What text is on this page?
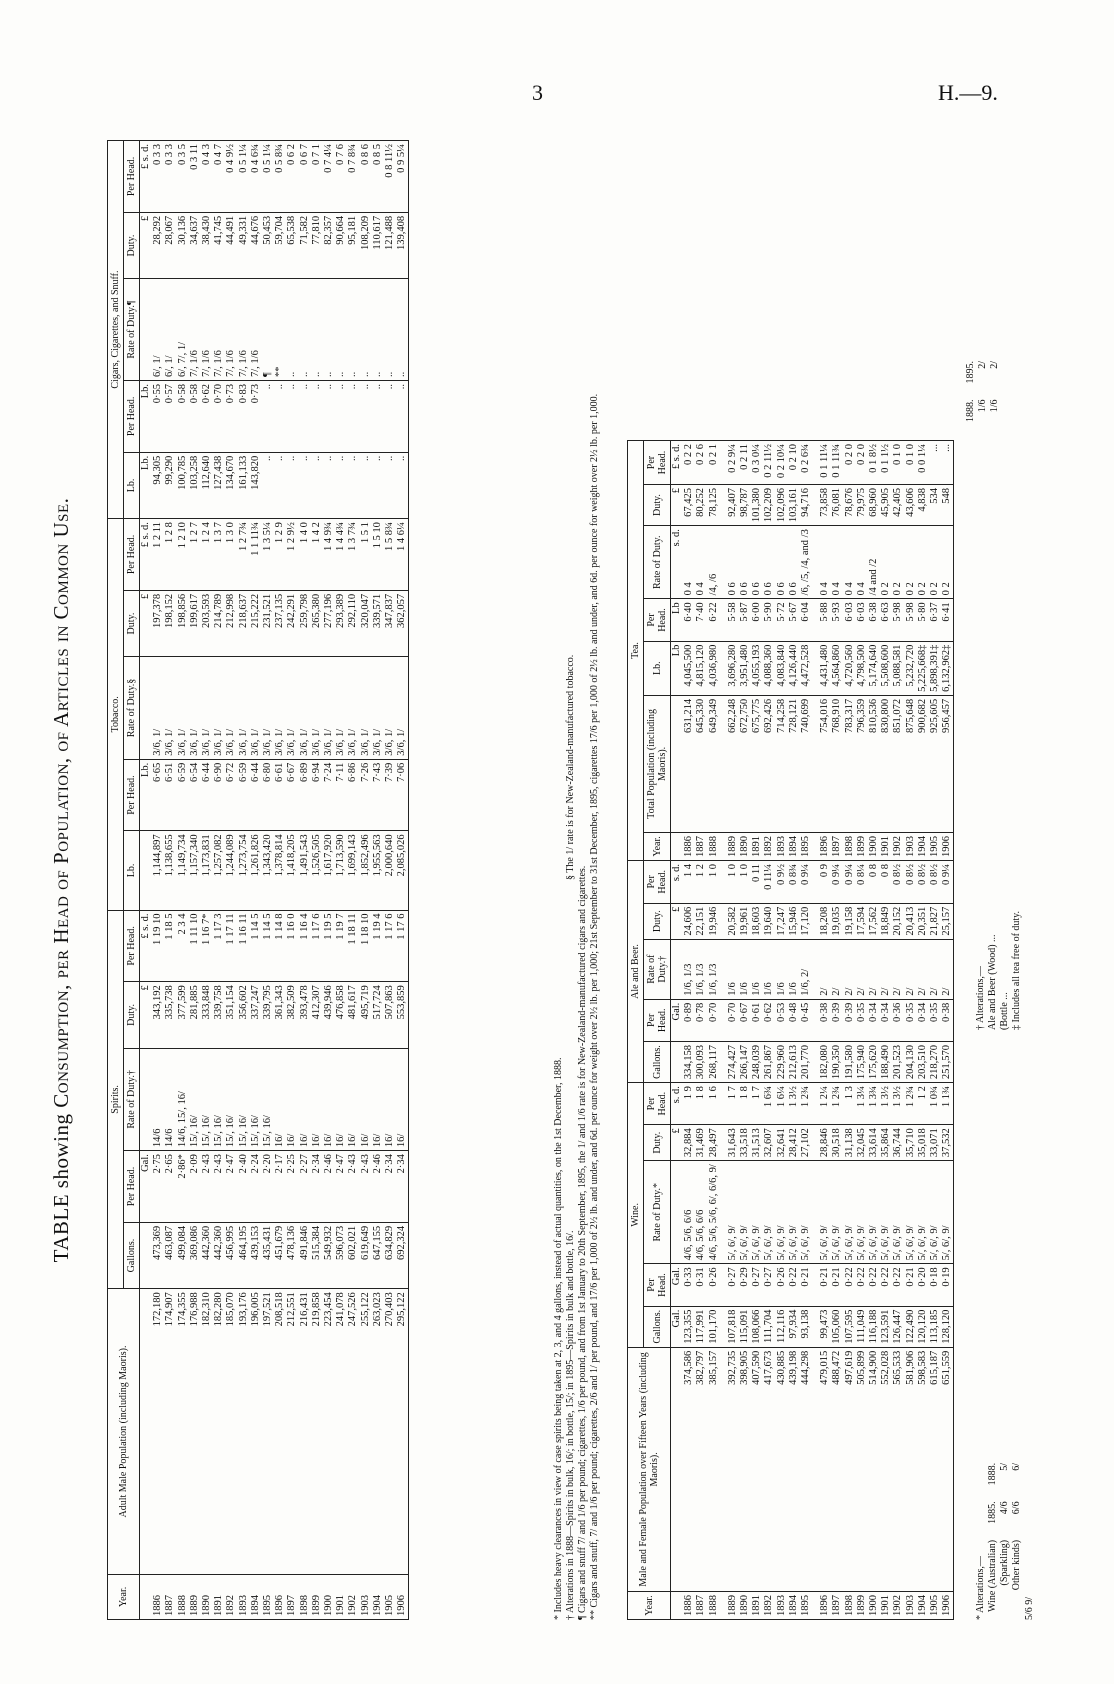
3	H.—9.
TABLE showing Consumption, per Head of Population, of Articles in Common Use.
Year.	Adult Male Population (including Maoris).	Spirits.					Tobacco.					Cigars, Cigarettes, and Snuff.				
		Gallons.	Per Head.	Rate of Duty.†	Duty.	Per Head.	Lb.	Per Head.	Rate of Duty.§	Duty.	Per Head.	Lb.	Per Head.	Rate of Duty.¶	Duty.	Per Head.
			Gal.		£	£ s. d.		Lb.		£	£ s. d.	Lb.	Lb.		£	£ s. d.
1886	172,180	473,369	2·75	14/6	343,192	1 19 10	1,144,897	6·65	3/6, 1/	197,378	1 2 11	94,305	0·55	6/, 1/	28,292	0 3 3
1887	174,907	463,087	2·65	14/6	335,738	1 18 5	1,138,655	6·51	3/6, 1/	198,152	1 2 8	99,290	0·57	6/, 1/	28,067	0 3 3
1888	174,355	499,084	2·86*	14/6, 15/, 16/	377,599	2 3 4	1,149,734	6·59	3/6, 1/	198,856	1 2 10	100,785	0·58	6/, 7/, 1/	30,136	0 3 5
1889	176,988	369,086	2·09	15/, 16/	281,885	1 11 10	1,157,340	6·54	3/6, 1/	199,617	1 2 7	103,258	0·58	7/, 1/6	34,637	0 3 11
1890	182,310	442,360	2·43	15/, 16/	333,848	1 16 7*	1,173,831	6·44	3/6, 1/	203,593	1 2 4	112,640	0·62	7/, 1/6	38,430	0 4 3
1891	182,280	442,360	2·43	15/, 16/	339,758	1 17 3	1,257,082	6·90	3/6, 1/	214,789	1 3 7	127,438	0·70	7/, 1/6	41,745	0 4 7
1892	185,070	456,995	2·47	15/, 16/	351,154	1 17 11	1,244,089	6·72	3/6, 1/	212,998	1 3 0	134,670	0·73	7/, 1/6	44,491	0 4 9½
1893	193,176	464,195	2·40	15/, 16/	356,602	1 16 11	1,273,754	6·59	3/6, 1/	218,637	1 2 7¾	161,133	0·83	7/, 1/6	49,331	0 5 1¼
1894	196,005	439,153	2·24	15/, 16/	337,247	1 14 5	1,261,826	6·44	3/6, 1/	215,222	1 1 11¾	143,820	0·73	7/, 1/6	44,676	0 4 6¾
1895	197,521	435,431	2·20	15/, 16/	339,795	1 14 5	1,343,420	6·80	3/6, 1/	231,521	1 3 5¼	..	..	¶	50,453	0 5 1¼
1896	208,518	451,679	2·17	16/	361,343	1 14 8	1,378,814	6·61	3/6, 1/	237,135	1 2 9	..	..	**	59,704	0 5 8¾
1897	212,551	478,136	2·25	16/	382,509	1 16 0	1,418,205	6·67	3/6, 1/	242,291	1 2 9½	..	..	..	65,538	0 6 2
1898	216,431	491,846	2·27	16/	393,478	1 16 4	1,491,543	6·89	3/6, 1/	259,798	1 4 0	..	..	..	71,582	0 6 7
1899	219,858	515,384	2·34	16/	412,307	1 17 6	1,526,505	6·94	3/6, 1/	265,380	1 4 2	..	..	..	77,810	0 7 1
1900	223,454	549,932	2·46	16/	439,946	1 19 5	1,617,920	7·24	3/6, 1/	277,196	1 4 9¾	..	..	..	82,357	0 7 4¼
1901	241,078	596,073	2·47	16/	476,858	1 19 7	1,713,590	7·11	3/6, 1/	293,389	1 4 4¾	..	..	..	90,664	0 7 6
1902	247,526	602,021	2·43	16/	481,617	1 18 11	1,699,143	6·86	3/6, 1/	292,110	1 3 7¾	..	..	..	95,181	0 7 8¾
1903	255,122	619,649	2·43	16/	495,719	1 18 10	1,852,496	7·26	3/6, 1/	320,047	1 5 1	..	..	..	108,209	0 8 6
1904	263,023	647,155	2·46	16/	517,724	1 19 4	1,955,563	7·43	3/6, 1/	339,571	1 5 10	..	..	..	110,617	0 8 5
1905	270,403	634,829	2·34	16/	507,863	1 17 6	2,000,640	7·39	3/6, 1/	347,837	1 5 8¾	..	..	..	121,488	0 8 11½
1906	295,122	692,324	2·34	16/	553,859	1 17 6	2,085,026	7·06	3/6, 1/	362,057	1 4 6¼	..	..	..	139,408	0 9 5¼
* Includes heavy clearances in view of case spirits being taken at 2, 3, and 4 gallons, instead of actual quantities, on the 1st December, 1888. † Alterations in 1888—Spirits in bulk, 16/; in bottle, 15/; in 1895—Spirits in bulk and bottle, 16/.
§ The 1/ rate is for New-Zealand-manufactured tobacco.
¶ Cigars and snuff 7/ and 1/6 per pound; cigarettes, 1/6 per pound, and from 1st January to 20th September, 1895, the 1/ and 1/6 rate is for New-Zealand-manufactured cigars and cigarettes. ** Cigars and snuff, 7/ and 1/6 per pound; cigarettes, 2/6 and 1/ per pound, and 17/6 per 1,000 of 2½ lb. and under, and 6d. per ounce for weight over 2½ lb. per 1,000; 21st September to 31st December, 1895, cigarettes 17/6 per 1,000 of 2½ lb. and under, and 6d. per ounce for weight over 2½ lb. per 1,000.	Year.	Male and Female Population over Fifteen Years (including Maoris).	Wine.					Ale and Beer.					Tea.						
		Gallons.	Per Head.	Rate of Duty.*	Duty.	Per Head.	Gallons.	Per Head.	Rate of Duty.†	Duty.	Per Head.	Year.	Total Population (including Maoris).	Lb.	Per Head.	Rate of Duty.	Duty.	Per Head.
		Gal.	Gal.		£	s. d.		Gal.		£	s. d.			Lb	Lb	s. d.	£	£ s. d.
1886	374,586	123,355	0·33	4/6, 5/6, 6/6	32,884	1 9	334,158	0·89	1/6, 1/3	24,606	1 4	1886	631,214	4,045,500	6·40	0 4	67,425	0 2 2
1887	382,797	117,991	0·31	4/6, 5/6, 6/6	31,469	1 8	300,093	0·78	1/6, 1/3	22,151	1 2	1887	645,330	4,815,120	7·40	0 4	80,252	0 2 6
1888	385,157	101,170	0·26	4/6, 5/6, 5/6, 6/, 6/6, 9/	28,497	1 6	268,117	0·70	1/6, 1/3	19,946	1 0	1888	649,349	4,036,980	6·22	/4, /6	78,125	0 2 1

1889	392,735	107,818	0·27	5/, 6/, 9/	31,643	1 7	274,427	0·70	1/6	20,582	1 0	1889	662,248	3,696,280	5·58	0 6	92,407	0 2 9¼
1890	398,905	115,091	0·29	5/, 6/, 9/	33,518	1 8	266,147	0·67	1/6	19,961	1 0	1890	672,750	3,951,480	5·87	0 6	98,787	0 2 11
1891	407,590	108,066	0·27	5/, 6/, 9/	31,513	1 7	248,039	0·61	1/6	18,603	0 11	1891	675,775	4,055,193	6·00	0 6	101,380	0 3 0¼
1892	417,673	111,704	0·27	5/, 6/, 9/	32,607	1 6¾	261,867	0·62	1/6	19,640	0 11¼	1892	692,426	4,088,360	5·90	0 6	102,209	0 2 11½
1893	430,885	112,116	0·26	5/, 6/, 9/	32,641	1 6¼	229,960	0·53	1/6	17,247	0 9½	1893	714,258	4,083,840	5·72	0 6	102,096	0 2 10¼
1894	439,198	97,934	0·22	5/, 6/, 9/	28,412	1 3½	212,613	0·48	1/6	15,946	0 8¾	1894	728,121	4,126,440	5·67	0 6	103,161	0 2 10
1895	444,298	93,138	0·21	5/, 6/, 9/	27,102	1 2¾	201,770	0·45	1/6, 2/	17,120	0 9¼	1895	740,699	4,472,528	6·04	/6, /5, /4, and /3	94,716	0 2 6¾

1896	479,015	99,473	0·21	5/, 6/, 9/	28,846	1 2¼	182,080	0·38	2/	18,208	0 9	1896	754,016	4,431,480	5·88	0 4	73,858	0 1 11¼
1897	488,472	105,060	0·21	5/, 6/, 9/	30,518	1 2¾	190,350	0·39	2/	19,035	0 9¼	1897	768,910	4,564,860	5·93	0 4	76,081	0 1 11¾
1898	497,619	107,595	0·22	5/, 6/, 9/	31,138	1 3	191,580	0·39	2/	19,158	0 9¼	1898	783,317	4,720,560	6·03	0 4	78,676	0 2 0
1899	505,899	111,049	0·22	5/, 6/, 9/	32,045	1 3¼	175,940	0·35	2/	17,594	0 8¼	1899	796,359	4,798,500	6·03	0 4	79,975	0 2 0
1900	514,900	116,188	0·22	5/, 6/, 9/	33,614	1 3¾	175,620	0·34	2/	17,562	0 8	1900	810,536	5,174,640	6·38	/4 and /2	68,960	0 1 8½
1901	552,028	123,591	0·22	5/, 6/, 9/	35,864	1 3½	188,490	0·34	2/	18,849	0 8	1901	830,800	5,508,600	6·63	0 2	45,905	0 1 1½
1902	565,533	126,447	0·22	5/, 6/, 9/	36,744	1 3½	201,523	0·36	2/	20,152	0 8½	1902	851,072	5,088,581	5·98	0 2	42,405	0 1 0
1903	581,906	122,490	0·21	5/, 6/, 9/	35,710	1 2¾	204,130	0·35	2/	20,413	0 8½	1903	875,648	5,232,720	5·98	0 2	43,606	0 1 0
1904	598,583	120,120	0·20	5/, 6/, 9/	35,018	1 2	203,510	0·34	2/	20,351	0 8½	1904	900,682	5,225,668‡	5·80	0 2	4,838	0 0 1¼
1905	615,187	113,185	0·18	5/, 6/, 9/	33,071	1 0¾	218,270	0·35	2/	21,827	0 8½	1905	925,605	5,898,391‡	6·37	0 2	534	...
1906	651,559	128,120	0·19	5/, 6/, 9/	37,532	1 1¾	251,570	0·38	2/	25,157	0 9¼	1906	956,457	6,132,962‡	6·41	0 2	548	...
* Alterations,— Wine (Australian)	1885.	1888.
(Sparkling)	4/6	5/
Other kinds)	6/6	6/
5/6 9/
† Alterations,— Ale and Beer (Wood) ... (Bottle ... ‡ Includes all tea free of duty.
1888.	1895.
1/6	2/
1/6	2/
